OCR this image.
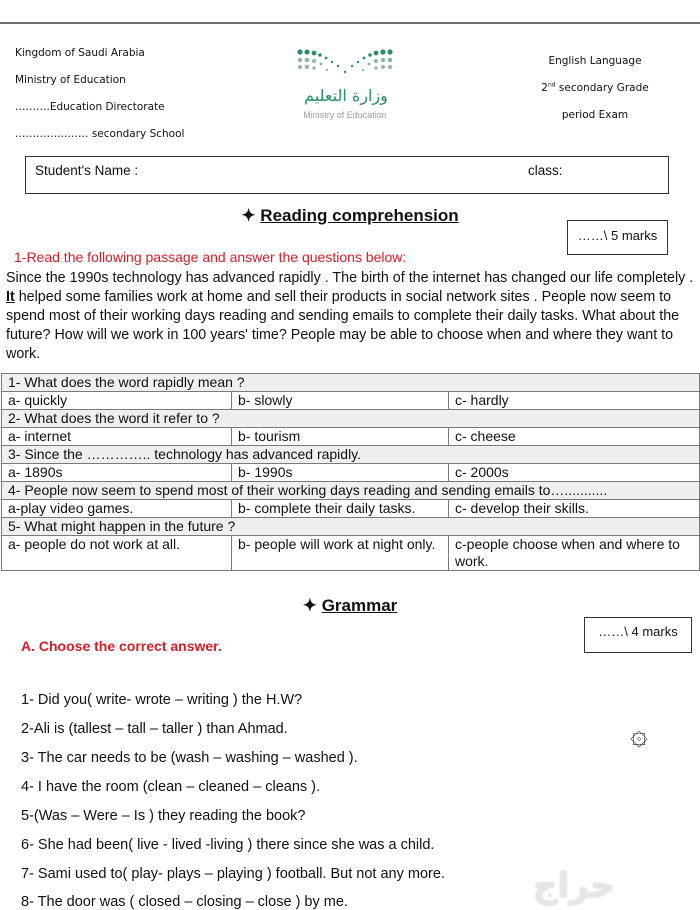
Kingdom of Saudi Arabia
Ministry of Education
……….Education Directorate
………………… secondary School
وزارة التعليم
Ministry of Education
English Language
2nd secondary Grade
period Exam
Student's Name :	class:
✦ Reading comprehension
……\ 5 marks
1-Read the following passage and answer the questions below:
Since the 1990s technology has advanced rapidly . The birth of the internet has changed our life completely . It helped some families work at home and sell their products in social network sites . People now seem to spend most of their working days reading and sending emails to complete their daily tasks. What about the future? How will we work in 100 years' time? People may be able to choose when and where they want to work.
1- What does the word rapidly mean ?		
a- quickly	b- slowly	c- hardly
2- What does the word it refer to ?		
a- internet	b- tourism	c- cheese
3- Since the ………….. technology has advanced rapidly.		
a- 1890s	b- 1990s	c- 2000s
4- People now seem to spend most of their working days reading and sending emails to…...........		
a-play video games.	b- complete their daily tasks.	c- develop their skills.
5- What might happen in the future ?		
a- people do not work at all.	b- people will work at night only.	c-people choose when and where to work.
✦ Grammar
……\ 4 marks
A. Choose the correct answer.
1- Did you( write- wrote – writing ) the H.W?
2-Ali is (tallest – tall – taller ) than Ahmad.
3- The car needs to be (wash – washing – washed ).
4- I have the room (clean – cleaned – cleans ).
5-(Was – Were – Is ) they reading the book?
6- She had been( live - lived -living ) there since she was a child.
7- Sami used to( play- plays – playing ) football. But not any more.
8- The door was ( closed – closing – close ) by me.
۞
حراج
